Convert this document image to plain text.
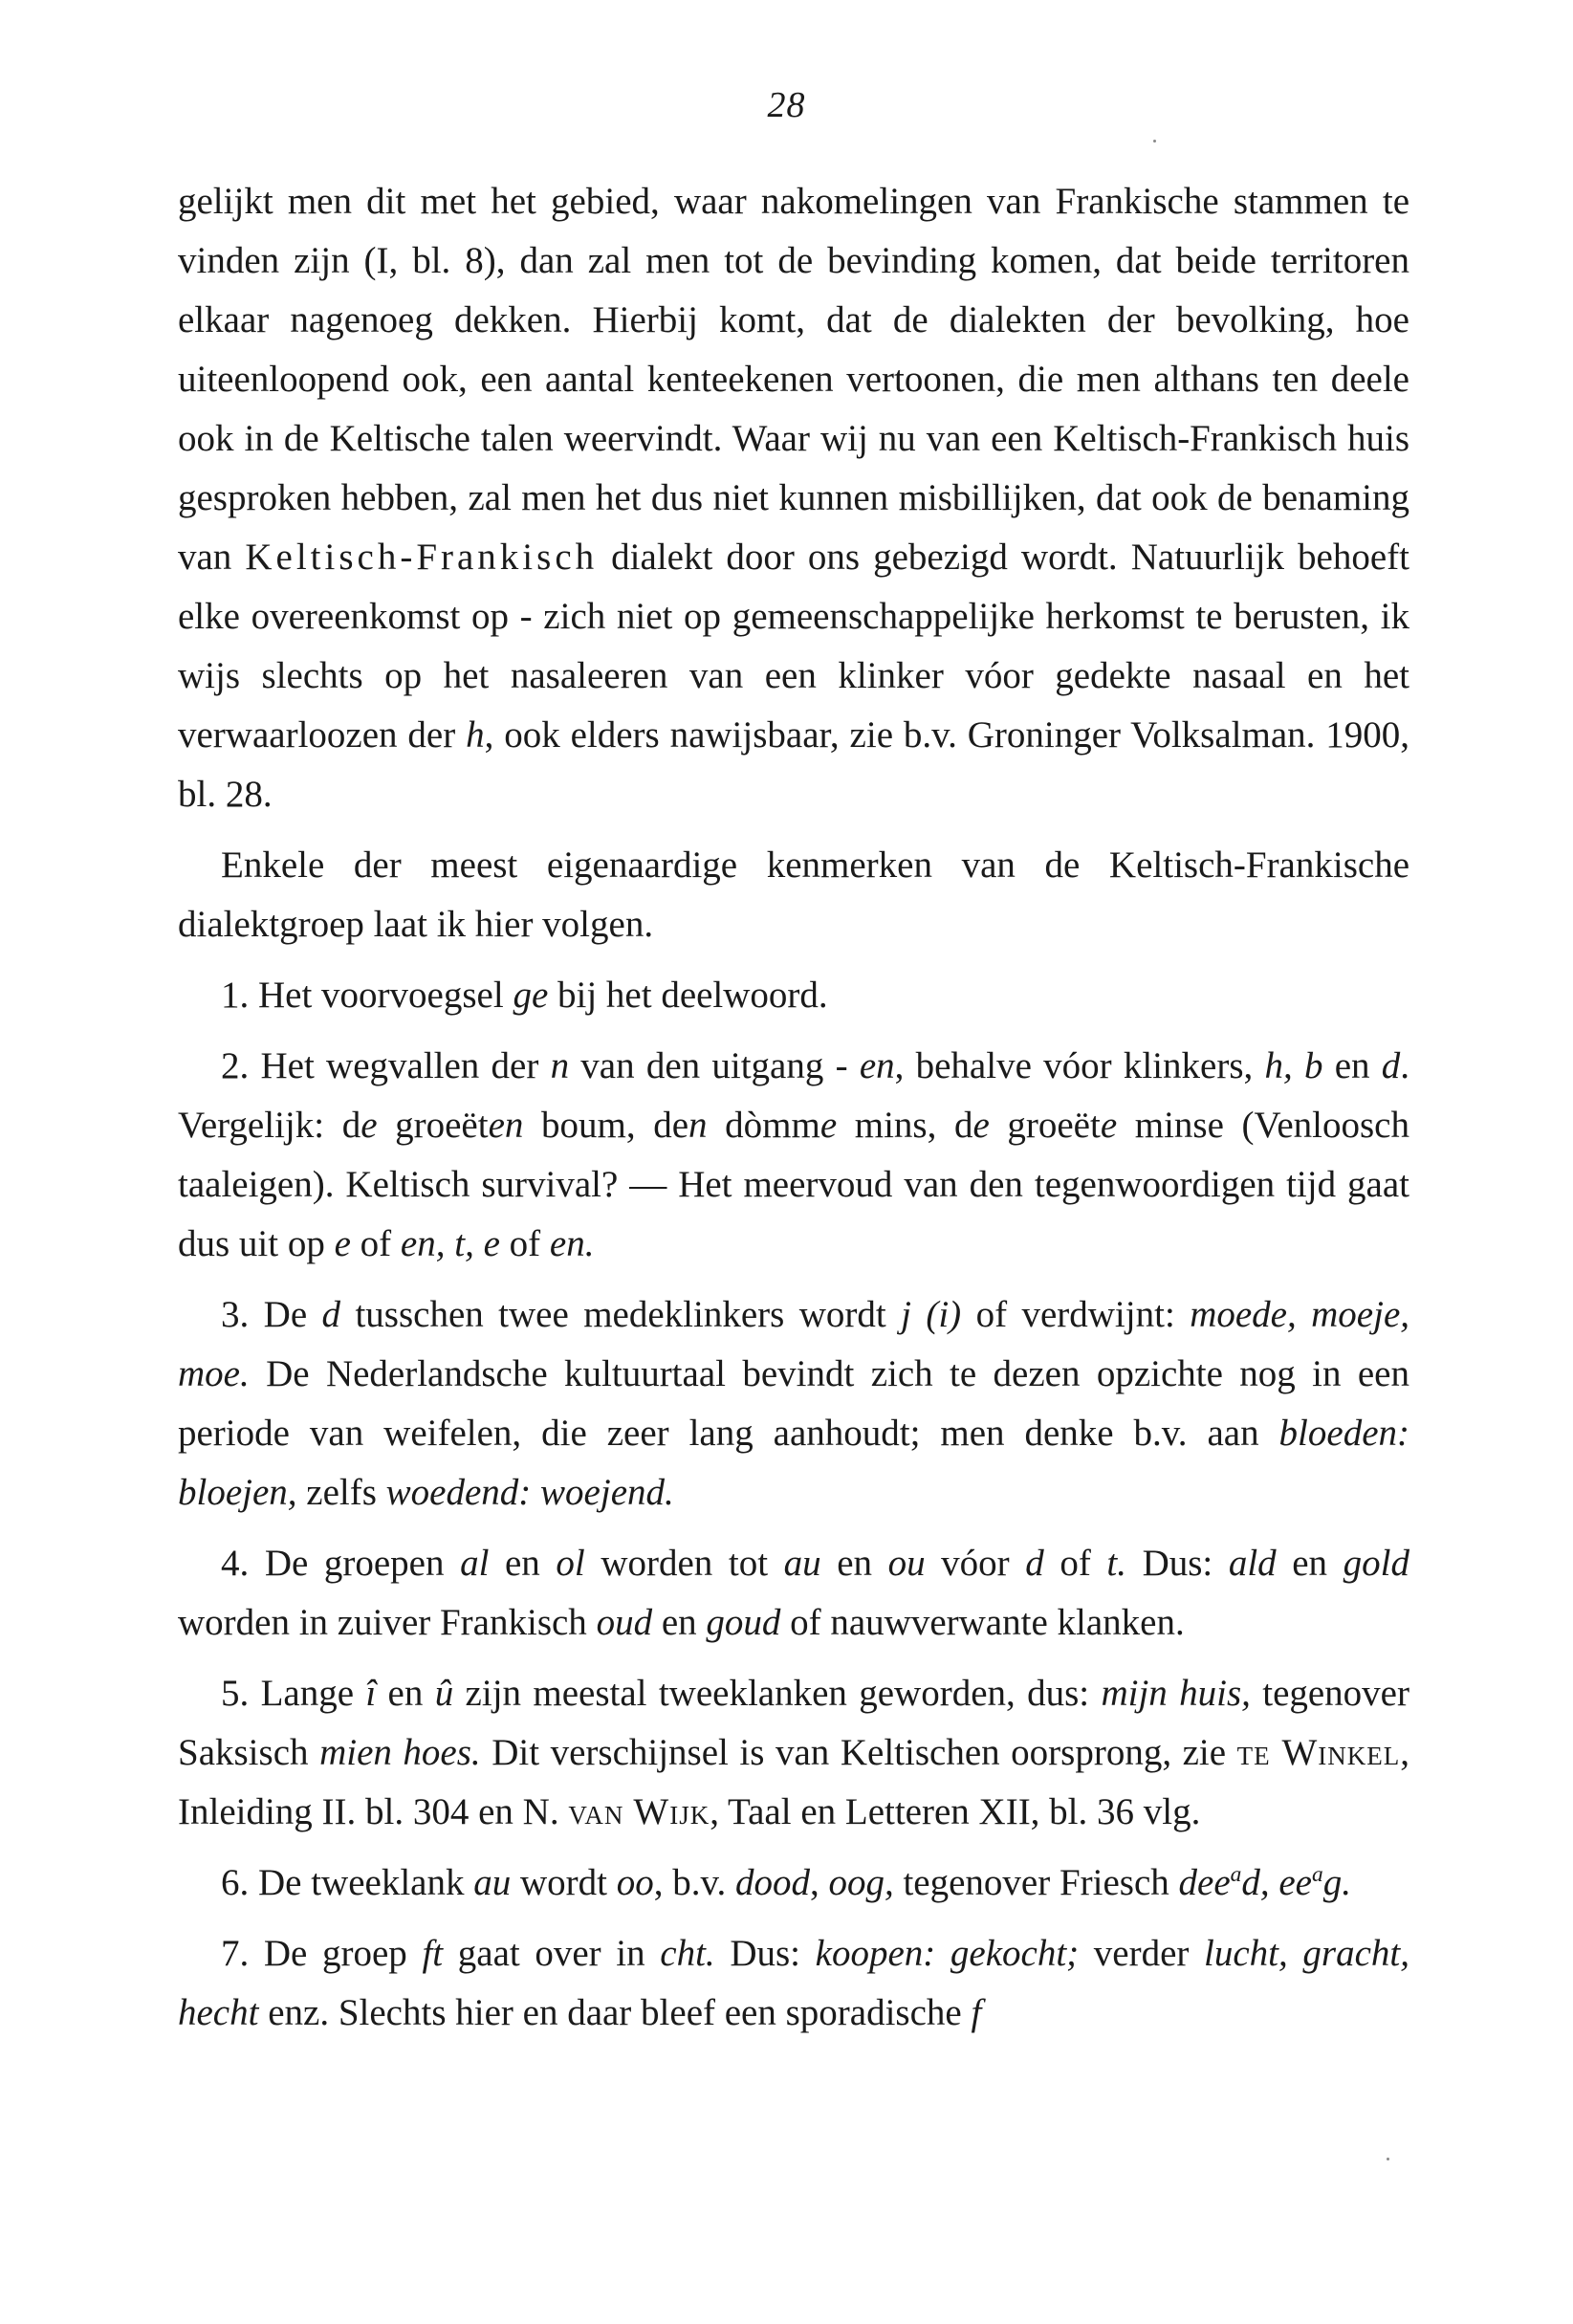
28

gelijkt men dit met het gebied, waar nakomelingen van Frankische stammen te vinden zijn (I, bl. 8), dan zal men tot de bevinding komen, dat beide territoren elkaar nagenoeg dekken. Hierbij komt, dat de dialekten der bevolking, hoe uiteenloopend ook, een aantal kenteekenen vertoonen, die men althans ten deele ook in de Keltische talen weervindt. Waar wij nu van een Keltisch-Frankisch huis gesproken hebben, zal men het dus niet kunnen misbillijken, dat ook de benaming van Keltisch-Frankisch dialekt door ons gebezigd wordt. Natuurlijk behoeft elke overeenkomst op - zich niet op gemeenschappelijke herkomst te berusten, ik wijs slechts op het nasaleeren van een klinker vóor gedekte nasaal en het verwaarloozen der h, ook elders nawijsbaar, zie b.v. Groninger Volksalman. 1900, bl. 28.

Enkele der meest eigenaardige kenmerken van de Keltisch-Frankische dialektgroep laat ik hier volgen.

1. Het voorvoegsel ge bij het deelwoord.

2. Het wegvallen der n van den uitgang - en, behalve vóor klinkers, h, b en d. Vergelijk: de groeëten boum, den dòmme mins, de groeëte minse (Venloosch taaleigen). Keltisch survival? — Het meervoud van den tegenwoordigen tijd gaat dus uit op e of en, t, e of en.

3. De d tusschen twee medeklinkers wordt j (i) of verdwijnt: moede, moeje, moe. De Nederlandsche kultuurtaal bevindt zich te dezen opzichte nog in een periode van weifelen, die zeer lang aanhoudt; men denke b.v. aan bloeden: bloejen, zelfs woedend: woejend.

4. De groepen al en ol worden tot au en ou vóor d of t. Dus: ald en gold worden in zuiver Frankisch oud en goud of nauwverwante klanken.

5. Lange î en û zijn meestal tweeklanken geworden, dus: mijn huis, tegenover Saksisch mien hoes. Dit verschijnsel is van Keltischen oorsprong, zie te Winkel, Inleiding II. bl. 304 en N. van Wijk, Taal en Letteren XII, bl. 36 vlg.

6. De tweeklank au wordt oo, b.v. dood, oog, tegenover Friesch dee$^a$d, $ee^ag$.

7. De groep ft gaat over in cht. Dus: koopen: gekocht; verder lucht, gracht, hecht enz. Slechts hier en daar bleef een sporadische f
